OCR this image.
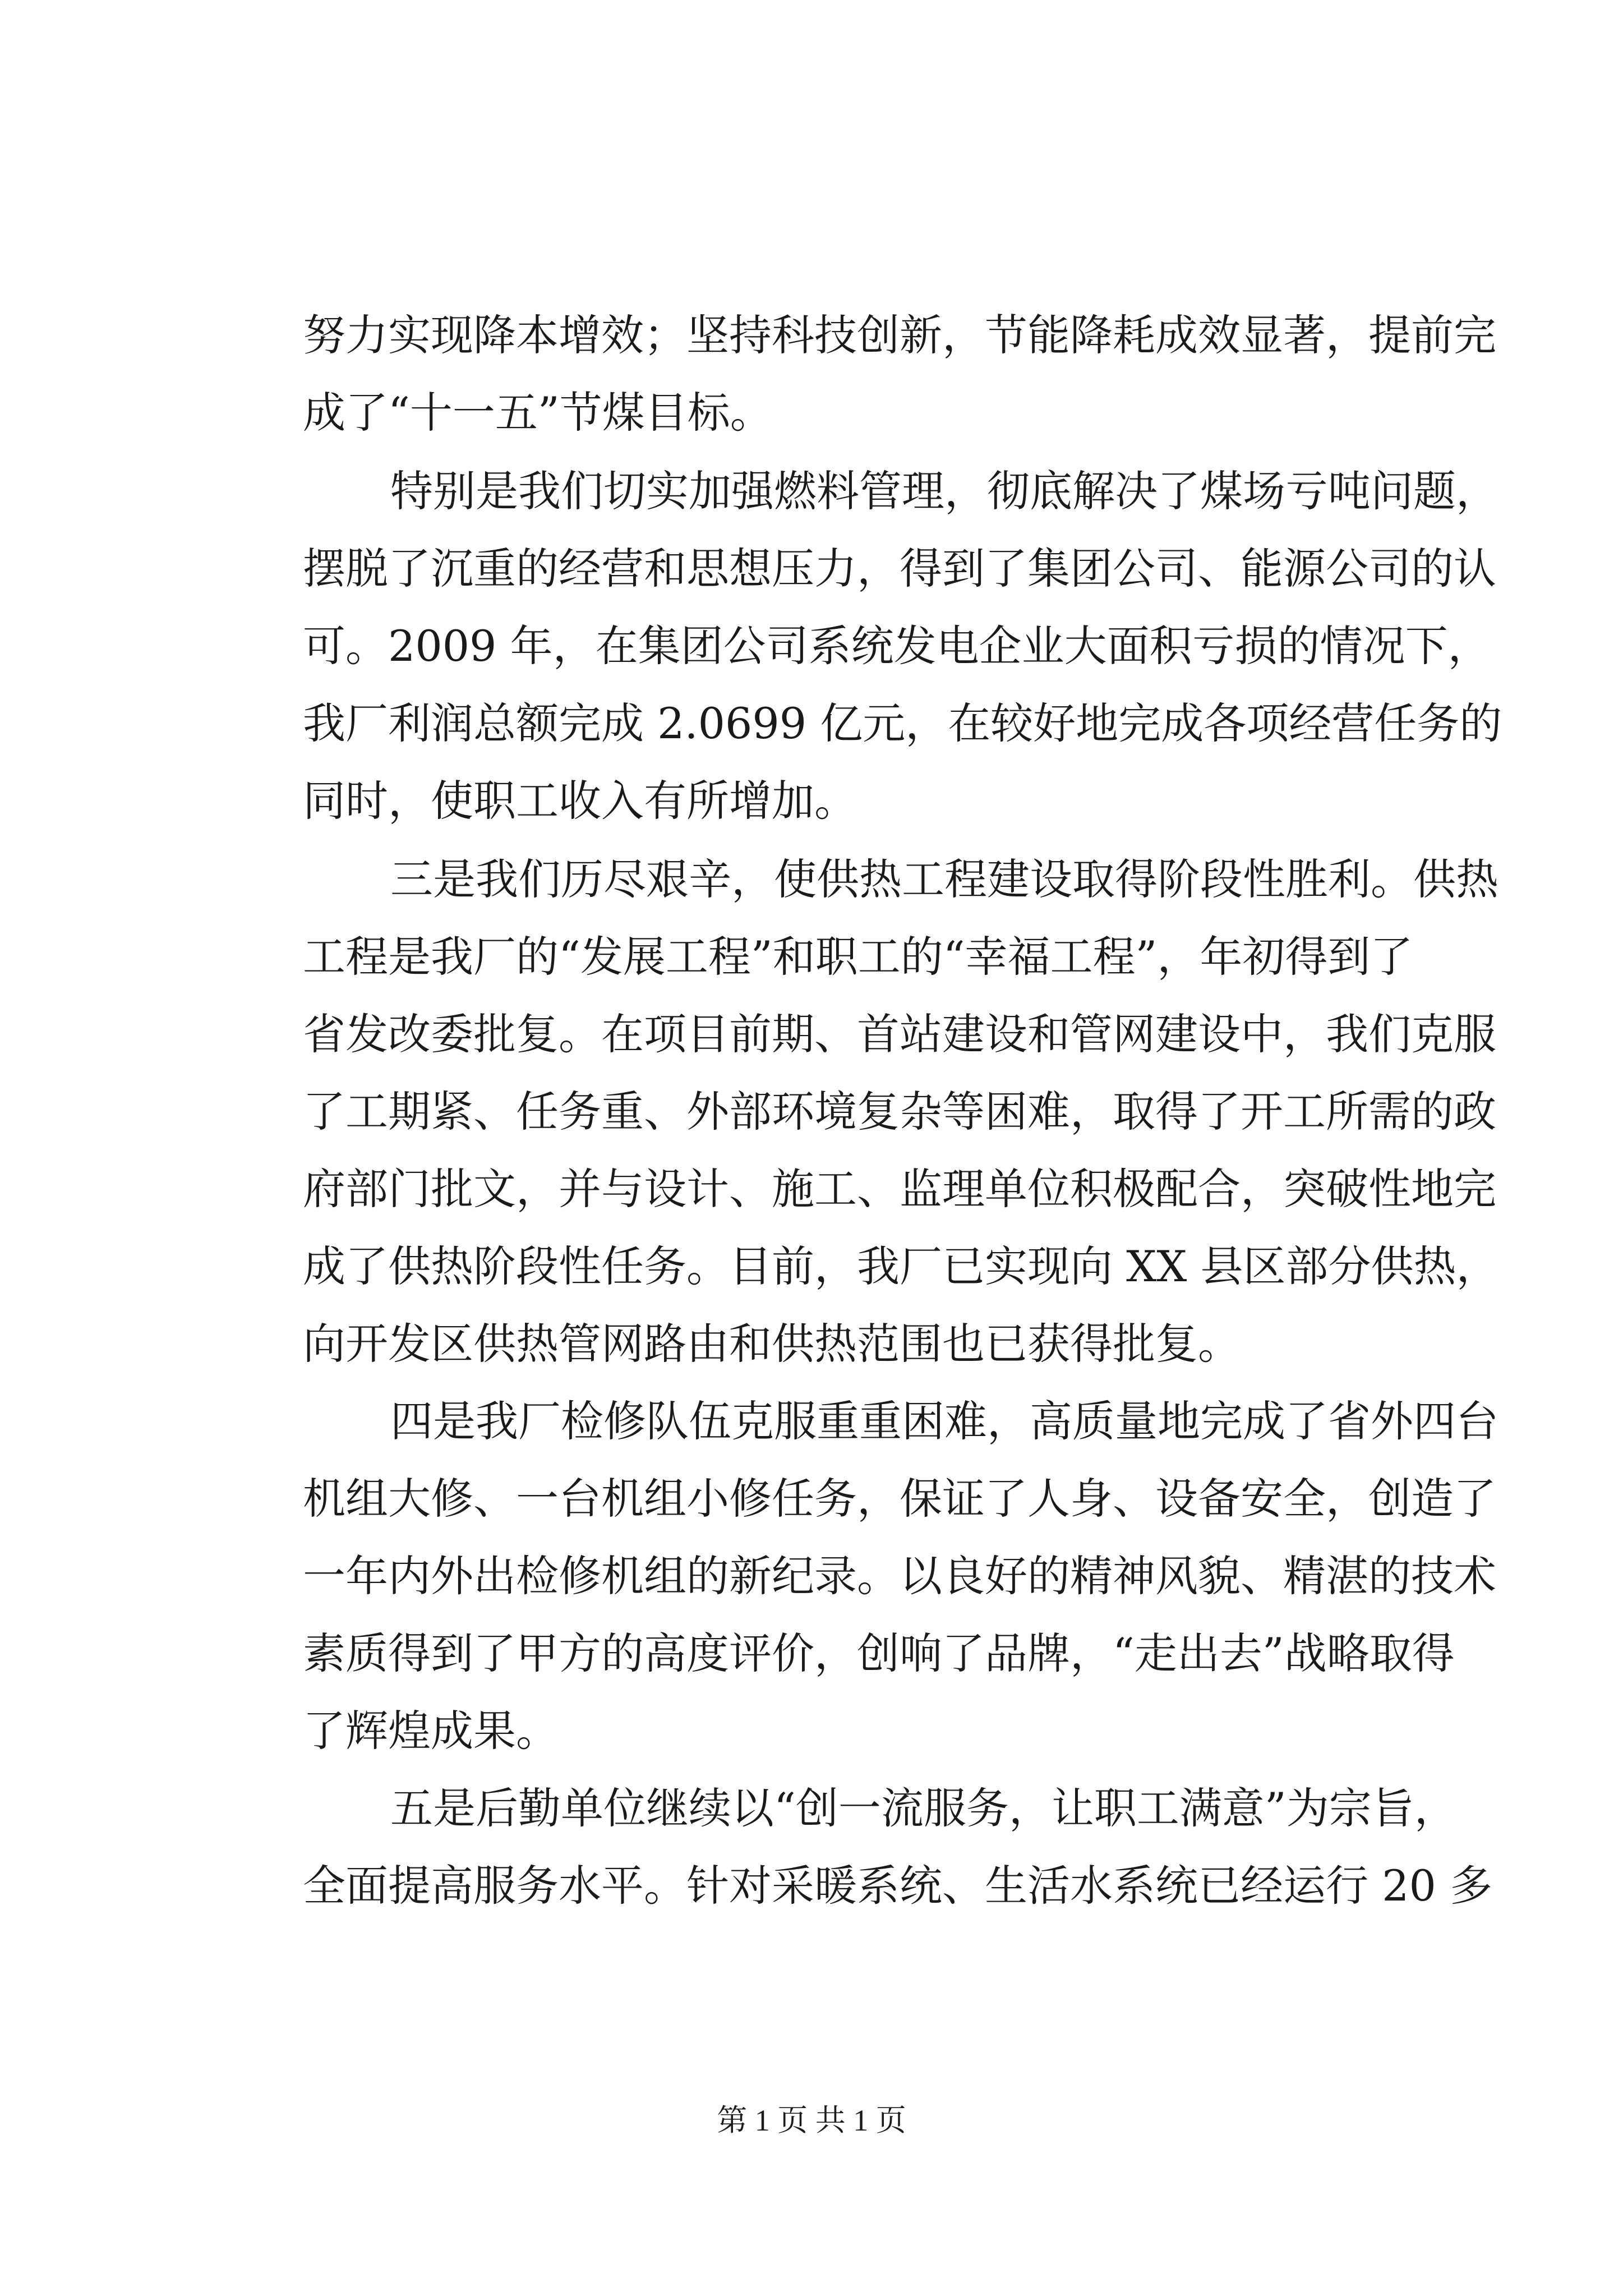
努力实现降本增效；坚持科技创新，节能降耗成效显著，提前完
成了“十一五”节煤目标。
特别是我们切实加强燃料管理，彻底解决了煤场亏吨问题，
摆脱了沉重的经营和思想压力，得到了集团公司、能源公司的认
可。2009 年，在集团公司系统发电企业大面积亏损的情况下，
我厂利润总额完成 2.0699 亿元，在较好地完成各项经营任务的
同时，使职工收入有所增加。
三是我们历尽艰辛，使供热工程建设取得阶段性胜利。供热
工程是我厂的“发展工程”和职工的“幸福工程”，年初得到了
省发改委批复。在项目前期、首站建设和管网建设中，我们克服
了工期紧、任务重、外部环境复杂等困难，取得了开工所需的政
府部门批文，并与设计、施工、监理单位积极配合，突破性地完
成了供热阶段性任务。目前，我厂已实现向 XX 县区部分供热，
向开发区供热管网路由和供热范围也已获得批复。
四是我厂检修队伍克服重重困难，高质量地完成了省外四台
机组大修、一台机组小修任务，保证了人身、设备安全，创造了
一年内外出检修机组的新纪录。以良好的精神风貌、精湛的技术
素质得到了甲方的高度评价，创响了品牌，“走出去”战略取得
了辉煌成果。
五是后勤单位继续以“创一流服务，让职工满意”为宗旨，
全面提高服务水平。针对采暖系统、生活水系统已经运行 20 多
第 1 页 共 1 页
